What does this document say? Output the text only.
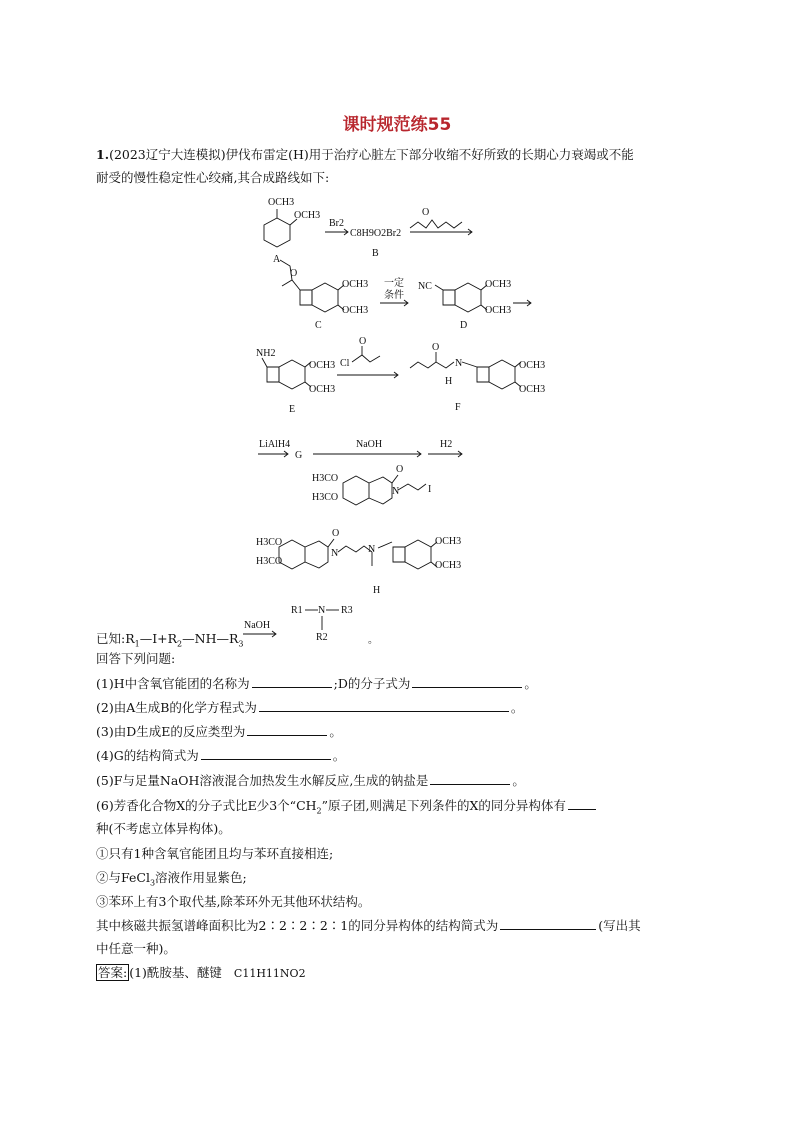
课时规范练55
1.(2023辽宁大连模拟)伊伐布雷定(H)用于治疗心脏左下部分收缩不好所致的长期心力衰竭或不能
耐受的慢性稳定性心绞痛,其合成路线如下:
OCH3
OCH3
A
Br2
C8H9O2Br2
B
O
O
OCH3
OCH3
C
一定
条件
NC	OCH3
OCH3
D
NH2
OCH3
OCH3
E
Cl
O
O
N
H
OCH3
OCH3
F
LiAlH4
G
NaOH	H2
H3CO
H3CO
O
N	I
H3CO
H3CO
O
N	N
OCH3
OCH3
H
NaOH
R1 N R3
R2	。
已知$:R_1—I+R_2—NH—R_3$
回答下列问题:
(1)H中含氧官能团的名称为	;D的分子式为	。
(2)由A生成B的化学方程式为	。
(3)由D生成E的反应类型为	。
(4)G的结构简式为	。
(5)F与足量NaOH溶液混合加热发生水解反应,生成的钠盐是	。
(6)芳香化合物X的分子式比E少3个“$CH_2$”原子团,则满足下列条件的X的同分异构体有
种(不考虑立体异构体)。
①只有1种含氧官能团且均与苯环直接相连;
②与FeCl$_3$溶液作用显紫色;
③苯环上有3个取代基,除苯环外无其他环状结构。
其中核磁共振氢谱峰面积比为2∶2∶2∶2∶1的同分异构体的结构简式为	(写出其
中任意一种)。
答案: (1)酰胺基、醚键 C11H11NO2
